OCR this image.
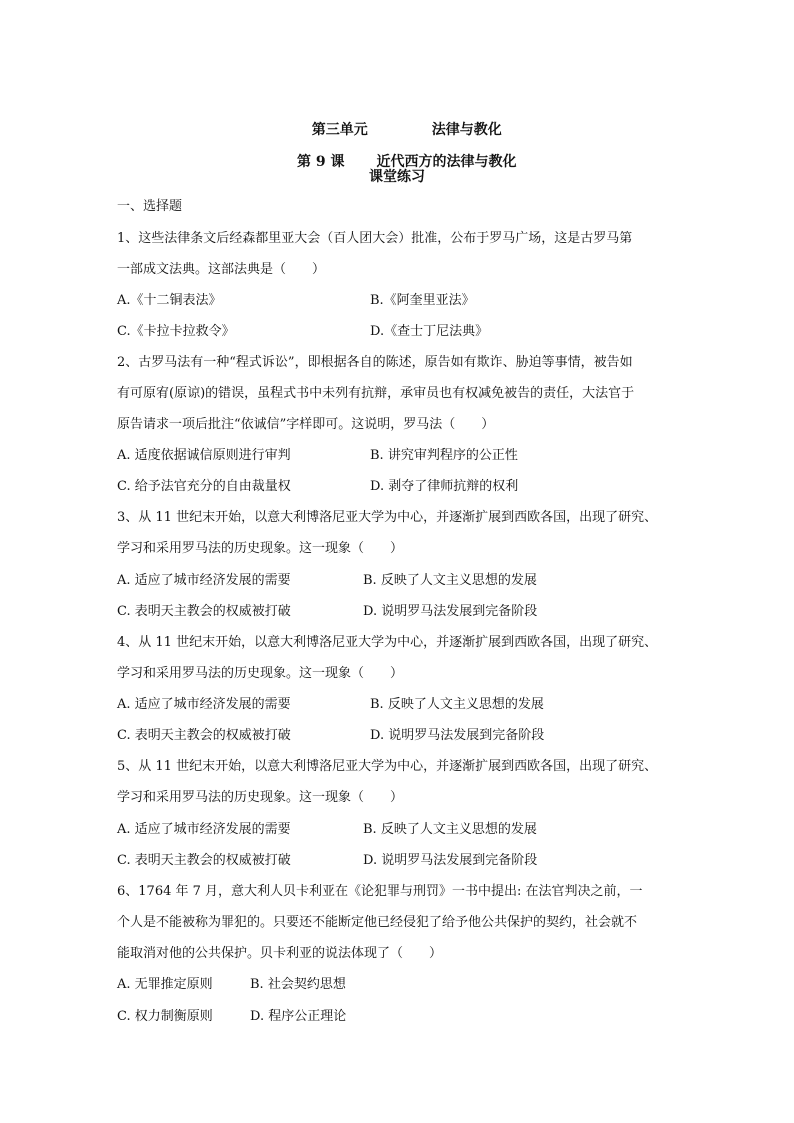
第三单元	法律与教化

第 9 课 近代西方的法律与教化

课堂练习
一、选择题
1、这些法律条文后经森都里亚大会（百人团大会）批准，公布于罗马广场，这是古罗马第
一部成文法典。这部法典是（　　）
A.《十二铜表法》	B.《阿奎里亚法》
C.《卡拉卡拉救令》	D.《查士丁尼法典》
2、古罗马法有一种“程式诉讼”，即根据各自的陈述，原告如有欺诈、胁迫等事情，被告如
有可原宥(原谅)的错误，虽程式书中未列有抗辩，承审员也有权减免被告的责任，大法官于
原告请求一项后批注“依诚信”字样即可。这说明，罗马法（　　）
A. 适度依据诚信原则进行审判	B. 讲究审判程序的公正性
C. 给予法官充分的自由裁量权	D. 剥夺了律师抗辩的权利
3、从 11 世纪末开始，以意大利博洛尼亚大学为中心，并逐渐扩展到西欧各国，出现了研究、
学习和采用罗马法的历史现象。这一现象（　　）
A. 适应了城市经济发展的需要	B. 反映了人文主义思想的发展
C. 表明天主教会的权威被打破	D. 说明罗马法发展到完备阶段
4、从 11 世纪末开始，以意大利博洛尼亚大学为中心，并逐渐扩展到西欧各国，出现了研究、
学习和采用罗马法的历史现象。这一现象（　　）
A. 适应了城市经济发展的需要	B. 反映了人文主义思想的发展
C. 表明天主教会的权威被打破	D. 说明罗马法发展到完备阶段
5、从 11 世纪末开始，以意大利博洛尼亚大学为中心，并逐渐扩展到西欧各国，出现了研究、
学习和采用罗马法的历史现象。这一现象（　　）
A. 适应了城市经济发展的需要	B. 反映了人文主义思想的发展
C. 表明天主教会的权威被打破	D. 说明罗马法发展到完备阶段
6、1764 年 7 月，意大利人贝卡利亚在《论犯罪与刑罚》一书中提出: 在法官判决之前，一
个人是不能被称为罪犯的。只要还不能断定他已经侵犯了给予他公共保护的契约，社会就不
能取消对他的公共保护。贝卡利亚的说法体现了（　　）
A. 无罪推定原则	B. 社会契约思想
C. 权力制衡原则	D. 程序公正理论
